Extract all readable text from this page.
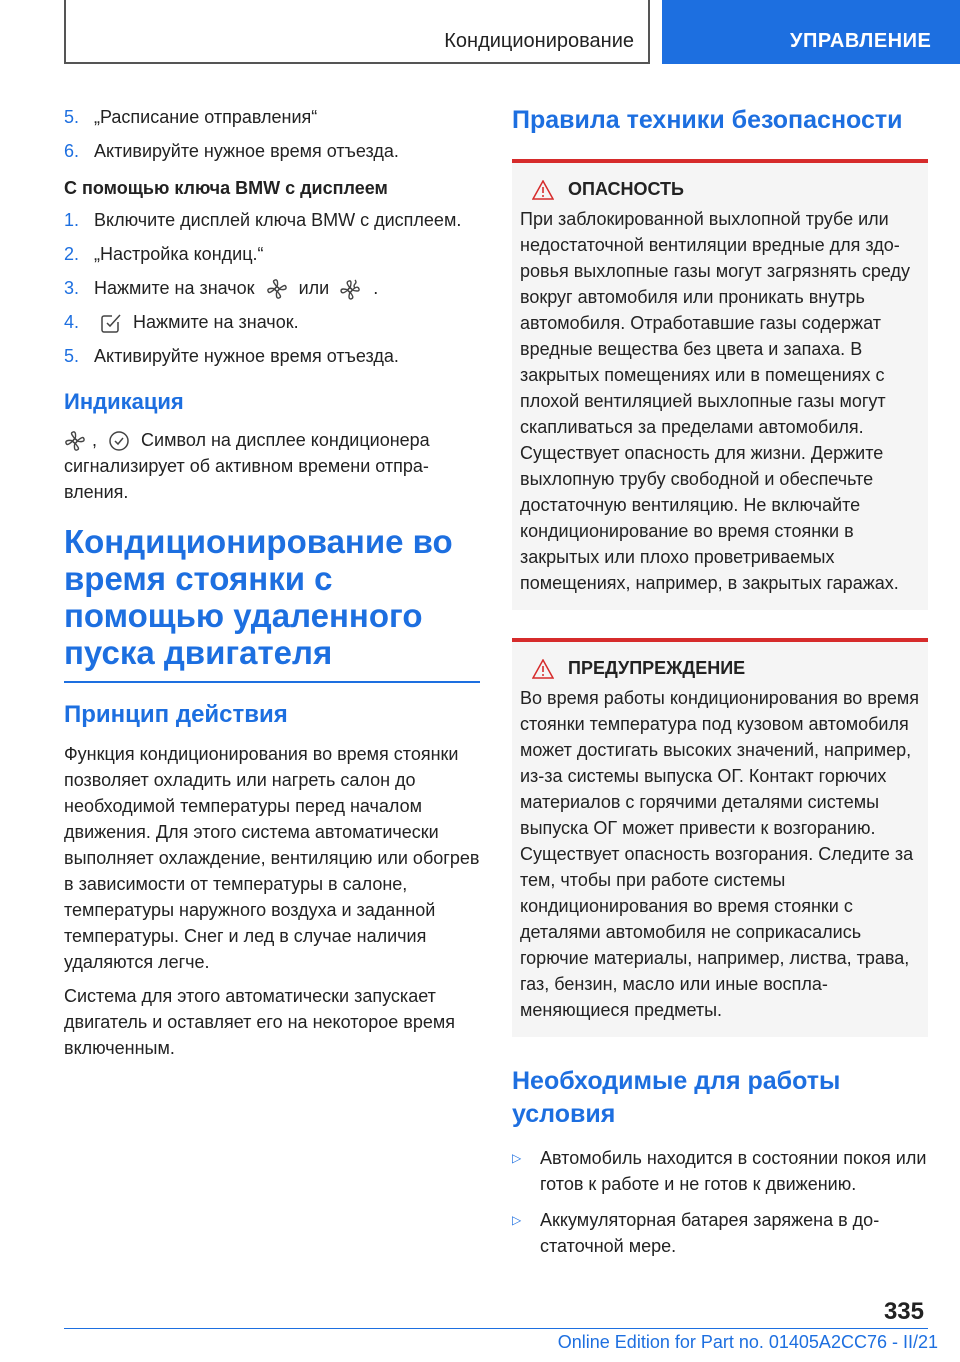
Кондиционирование	УПРАВЛЕНИЕ
5. „Расписание отправления“
6. Активируйте нужное время отъезда.
С помощью ключа BMW с дисплеем
1. Включите дисплей ключа BMW с дисплеем.
2. „Настройка кондиц.“
3. Нажмите на значок или .
4.	Нажмите на значок.
5. Активируйте нужное время отъезда.
Индикация

, Символ на дисплее кондиционера сигнализирует об активном времени отправления.

Кондиционирование во время стоянки с помощью удаленного пуска двигателя
Принцип действия

Функция кондиционирования во время стоянки позволяет охладить или нагреть салон до необходимой температуры перед началом движения. Для этого система автоматически выполняет охлаждение, вентиляцию или обогрев в зависимости от температуры в салоне, температуры наружного воздуха и заданной температуры. Снег и лед в случае наличия удаляются легче.

Система для этого автоматически запускает двигатель и оставляет его на некоторое время включенным.

Правила техники безопасности
ОПАСНОСТЬ
При заблокированной выхлопной трубе или недостаточной вентиляции вредные для здоровья выхлопные газы могут загрязнять среду вокруг автомобиля или проникать внутрь автомобиля. Отработавшие газы содержат вредные вещества без цвета и запаха. В закрытых помещениях или в помещениях с плохой вентиляцией выхлопные газы могут скапливаться за пределами автомобиля. Существует опасность для жизни. Держите выхлопную трубу свободной и обеспечьте достаточную вентиляцию. Не включайте кондиционирование во время стоянки в закрытых или плохо проветриваемых помещениях, например, в закрытых гаражах.
ПРЕДУПРЕЖДЕНИЕ
Во время работы кондиционирования во время стоянки температура под кузовом автомобиля может достигать высоких значений, например, из-за системы выпуска ОГ. Контакт горючих материалов с горячими деталями системы выпуска ОГ может привести к возгоранию. Существует опасность возгорания. Следите за тем, чтобы при работе системы кондиционирования во время стоянки с деталями автомобиля не соприкасались горючие материалы, например, листва, трава, газ, бензин, масло или иные воспламеняющиеся предметы.
Необходимые для работы условия
▷	Автомобиль находится в состоянии покоя или готов к работе и не готов к движению.
▷	Аккумуляторная батарея заряжена в достаточной мере.
335
Online Edition for Part no. 01405A2CC76 - II/21
